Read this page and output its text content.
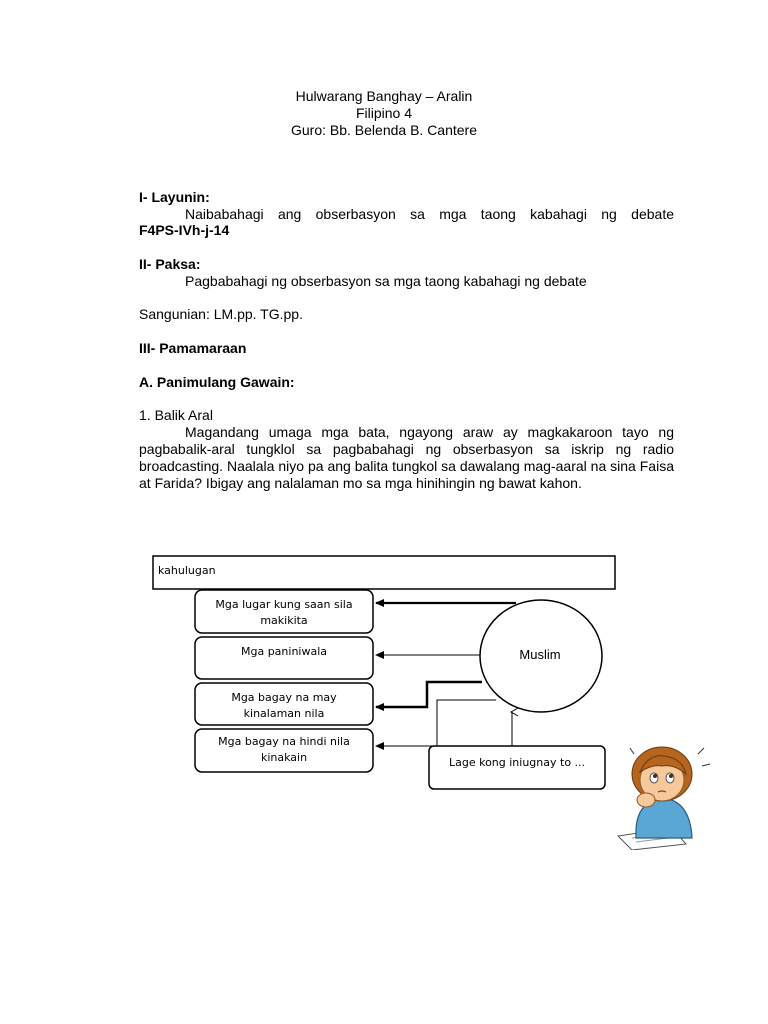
Hulwarang Banghay – Aralin
Filipino 4
Guro: Bb. Belenda B. Cantere
I- Layunin:
Naibabahagi ang obserbasyon sa mga taong kabahagi ng debate
F4PS-IVh-j-14
II- Paksa:
Pagbabahagi ng obserbasyon sa mga taong kabahagi ng debate
Sangunian: LM.pp. TG.pp.
III- Pamamaraan
A. Panimulang Gawain:
1. Balik Aral
Magandang umaga mga bata, ngayong araw ay magkakaroon tayo ng pagbabalik-aral tungklol sa pagbabahagi ng obserbasyon sa iskrip ng radio broadcasting. Naalala niyo pa ang balita tungkol sa dawalang mag-aaral na sina Faisa at Farida? Ibigay ang nalalaman mo sa mga hinihingin ng bawat kahon.
kahulugan
Mga lugar kung saan sila makikita
Mga paniniwala
Mga bagay na may kinalaman nila
Mga bagay na hindi nila kinakain
Muslim
Lage kong iniugnay to ...
